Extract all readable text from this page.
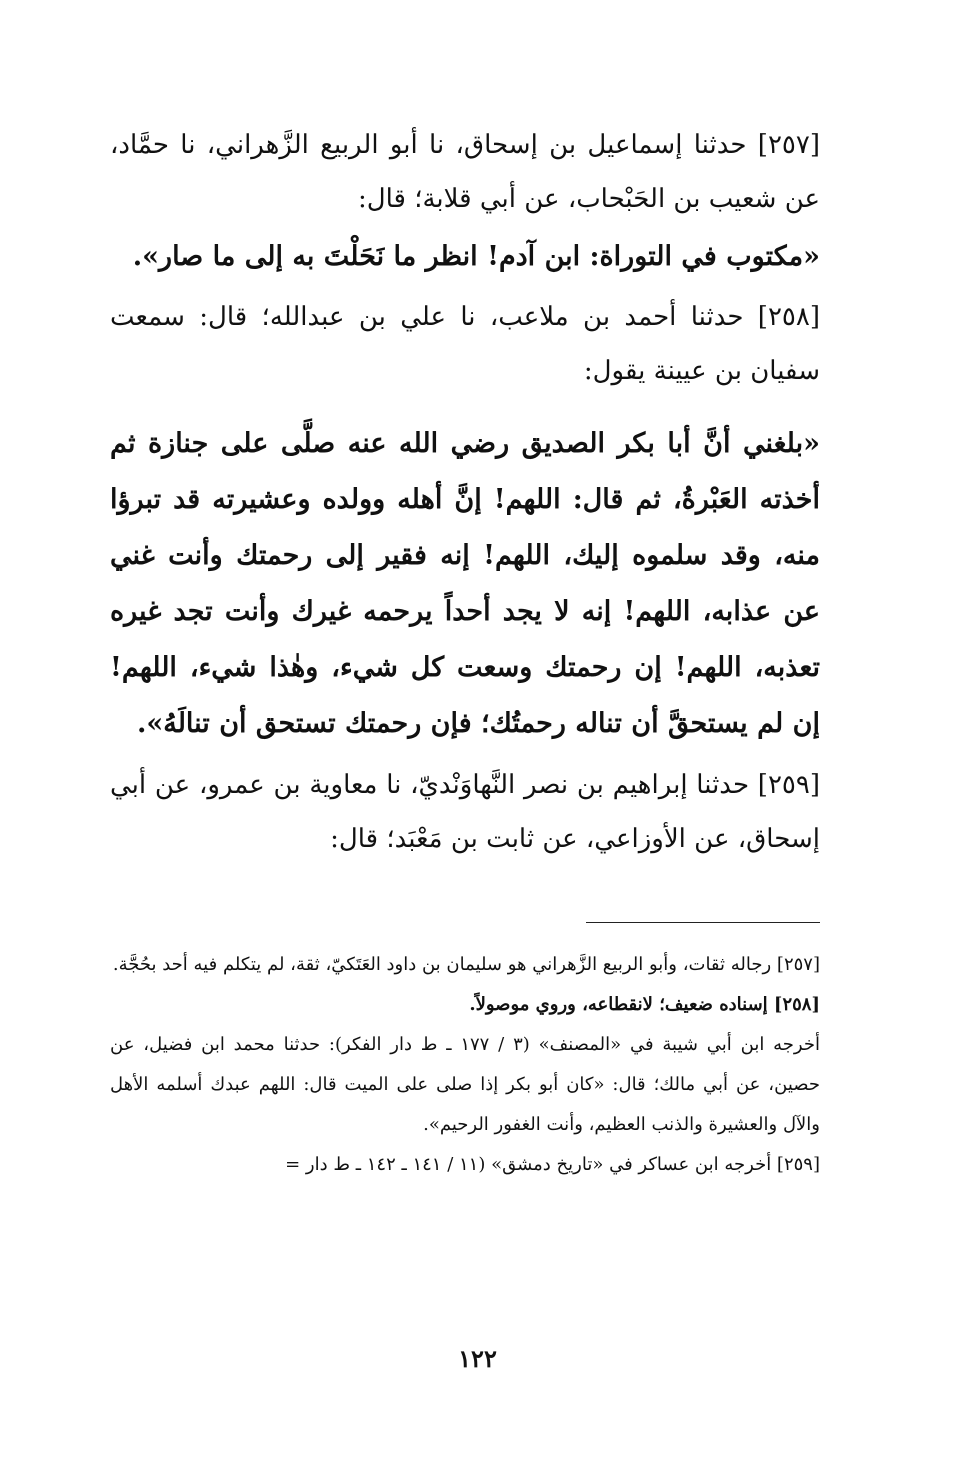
[٢٥٧] حدثنا إسماعيل بن إسحاق، نا أبو الربيع الزَّهراني، نا حمَّاد، عن شعيب بن الحَبْحاب، عن أبي قلابة؛ قال:

«مكتوب في التوراة: ابن آدم! انظر ما نَحَلْتَ به إلى ما صار».

[٢٥٨] حدثنا أحمد بن ملاعب، نا علي بن عبدالله؛ قال: سمعت سفيان بن عيينة يقول:

«بلغني أنَّ أبا بكر الصديق رضي الله عنه صلَّى على جنازة ثم أخذته العَبْرةُ، ثم قال: اللهم! إنَّ أهله وولده وعشيرته قد تبرؤا منه، وقد سلموه إليك، اللهم! إنه فقير إلى رحمتك وأنت غني عن عذابه، اللهم! إنه لا يجد أحداً يرحمه غيرك وأنت تجد غيره تعذبه، اللهم! إن رحمتك وسعت كل شيء، وهٰذا شيء، اللهم! إن لم يستحقَّ أن تناله رحمتُك؛ فإن رحمتك تستحق أن تنالَهُ».

[٢٥٩] حدثنا إبراهيم بن نصر النَّهاوَنْديّ، نا معاوية بن عمرو، عن أبي إسحاق، عن الأوزاعي، عن ثابت بن مَعْبَد؛ قال:

[٢٥٧] رجاله ثقات، وأبو الربيع الزَّهراني هو سليمان بن داود العَتَكيّ، ثقة، لم يتكلم فيه أحد بحُجَّة.

[٢٥٨] إسناده ضعيف؛ لانقطاعه، وروي موصولاً.

أخرجه ابن أبي شيبة في «المصنف» (٣ / ١٧٧ ـ ط دار الفكر): حدثنا محمد ابن فضيل، عن حصين، عن أبي مالك؛ قال: «كان أبو بكر إذا صلى على الميت قال: اللهم عبدك أسلمه الأهل والآل والعشيرة والذنب العظيم، وأنت الغفور الرحيم».

[٢٥٩] أخرجه ابن عساكر في «تاريخ دمشق» (١١ / ١٤١ ـ ١٤٢ ـ ط دار =

١٢٢
